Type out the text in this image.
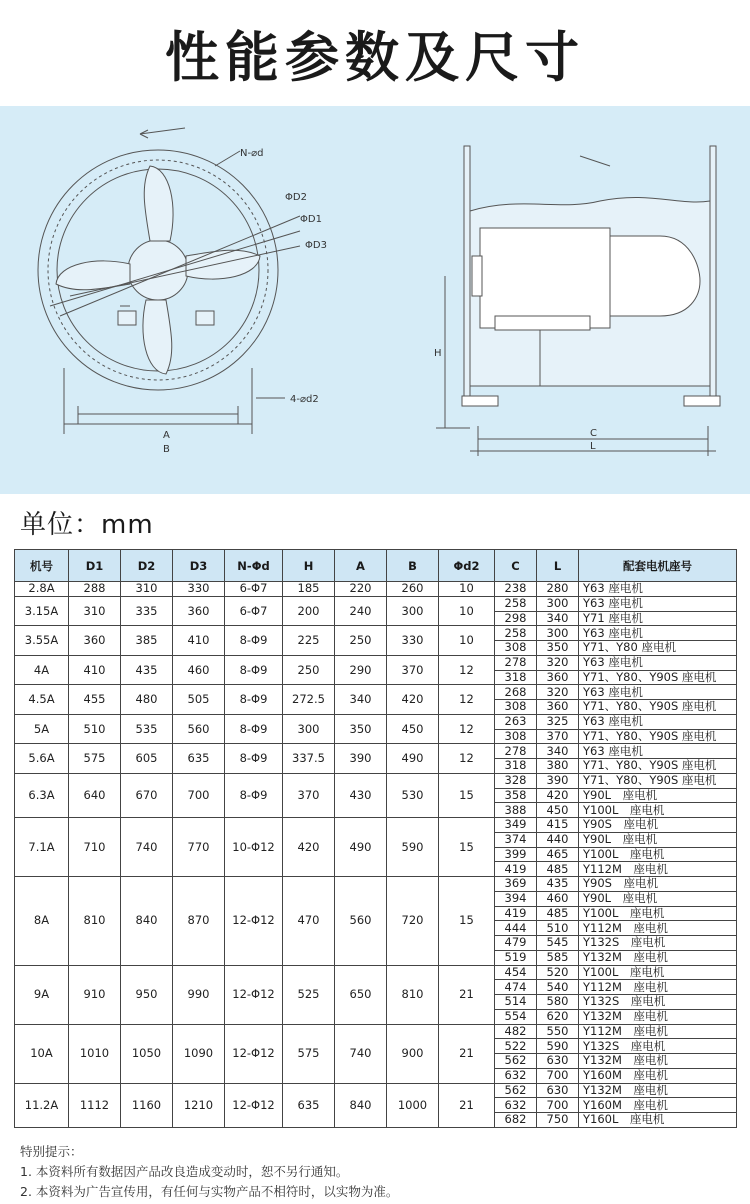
性能参数及尺寸
N-⌀d
ΦD2
ΦD1
ΦD3
4-⌀d2
A
B
H
C
L
单位：mm
机号	D1	D2	D3	N-Φd	H	A	B	Φd2	C	L	配套电机座号
2.8A	288	310	330	6-Φ7	185	220	260	10	238	280	Y63 座电机
3.15A	310	335	360	6-Φ7	200	240	300	10	258	300	Y63 座电机
									298	340	Y71 座电机
3.55A	360	385	410	8-Φ9	225	250	330	10	258	300	Y63 座电机
									308	350	Y71、Y80 座电机
4A	410	435	460	8-Φ9	250	290	370	12	278	320	Y63 座电机
									318	360	Y71、Y80、Y90S 座电机
4.5A	455	480	505	8-Φ9	272.5	340	420	12	268	320	Y63 座电机
									308	360	Y71、Y80、Y90S 座电机
5A	510	535	560	8-Φ9	300	350	450	12	263	325	Y63 座电机
									308	370	Y71、Y80、Y90S 座电机
5.6A	575	605	635	8-Φ9	337.5	390	490	12	278	340	Y63 座电机
									318	380	Y71、Y80、Y90S 座电机
6.3A	640	670	700	8-Φ9	370	430	530	15	328	390	Y71、Y80、Y90S 座电机
									358	420	Y90L　座电机
									388	450	Y100L　座电机
7.1A	710	740	770	10-Φ12	420	490	590	15	349	415	Y90S　座电机
									374	440	Y90L　座电机
									399	465	Y100L　座电机
									419	485	Y112M　座电机
8A	810	840	870	12-Φ12	470	560	720	15	369	435	Y90S　座电机
									394	460	Y90L　座电机
									419	485	Y100L　座电机
									444	510	Y112M　座电机
									479	545	Y132S　座电机
									519	585	Y132M　座电机
9A	910	950	990	12-Φ12	525	650	810	21	454	520	Y100L　座电机
									474	540	Y112M　座电机
									514	580	Y132S　座电机
									554	620	Y132M　座电机
10A	1010	1050	1090	12-Φ12	575	740	900	21	482	550	Y112M　座电机
									522	590	Y132S　座电机
									562	630	Y132M　座电机
									632	700	Y160M　座电机
11.2A	1112	1160	1210	12-Φ12	635	840	1000	21	562	630	Y132M　座电机
									632	700	Y160M　座电机
									682	750	Y160L　座电机
特别提示：
1. 本资料所有数据因产品改良造成变动时，恕不另行通知。
2. 本资料为广告宣传用，有任何与实物产品不相符时，以实物为准。
